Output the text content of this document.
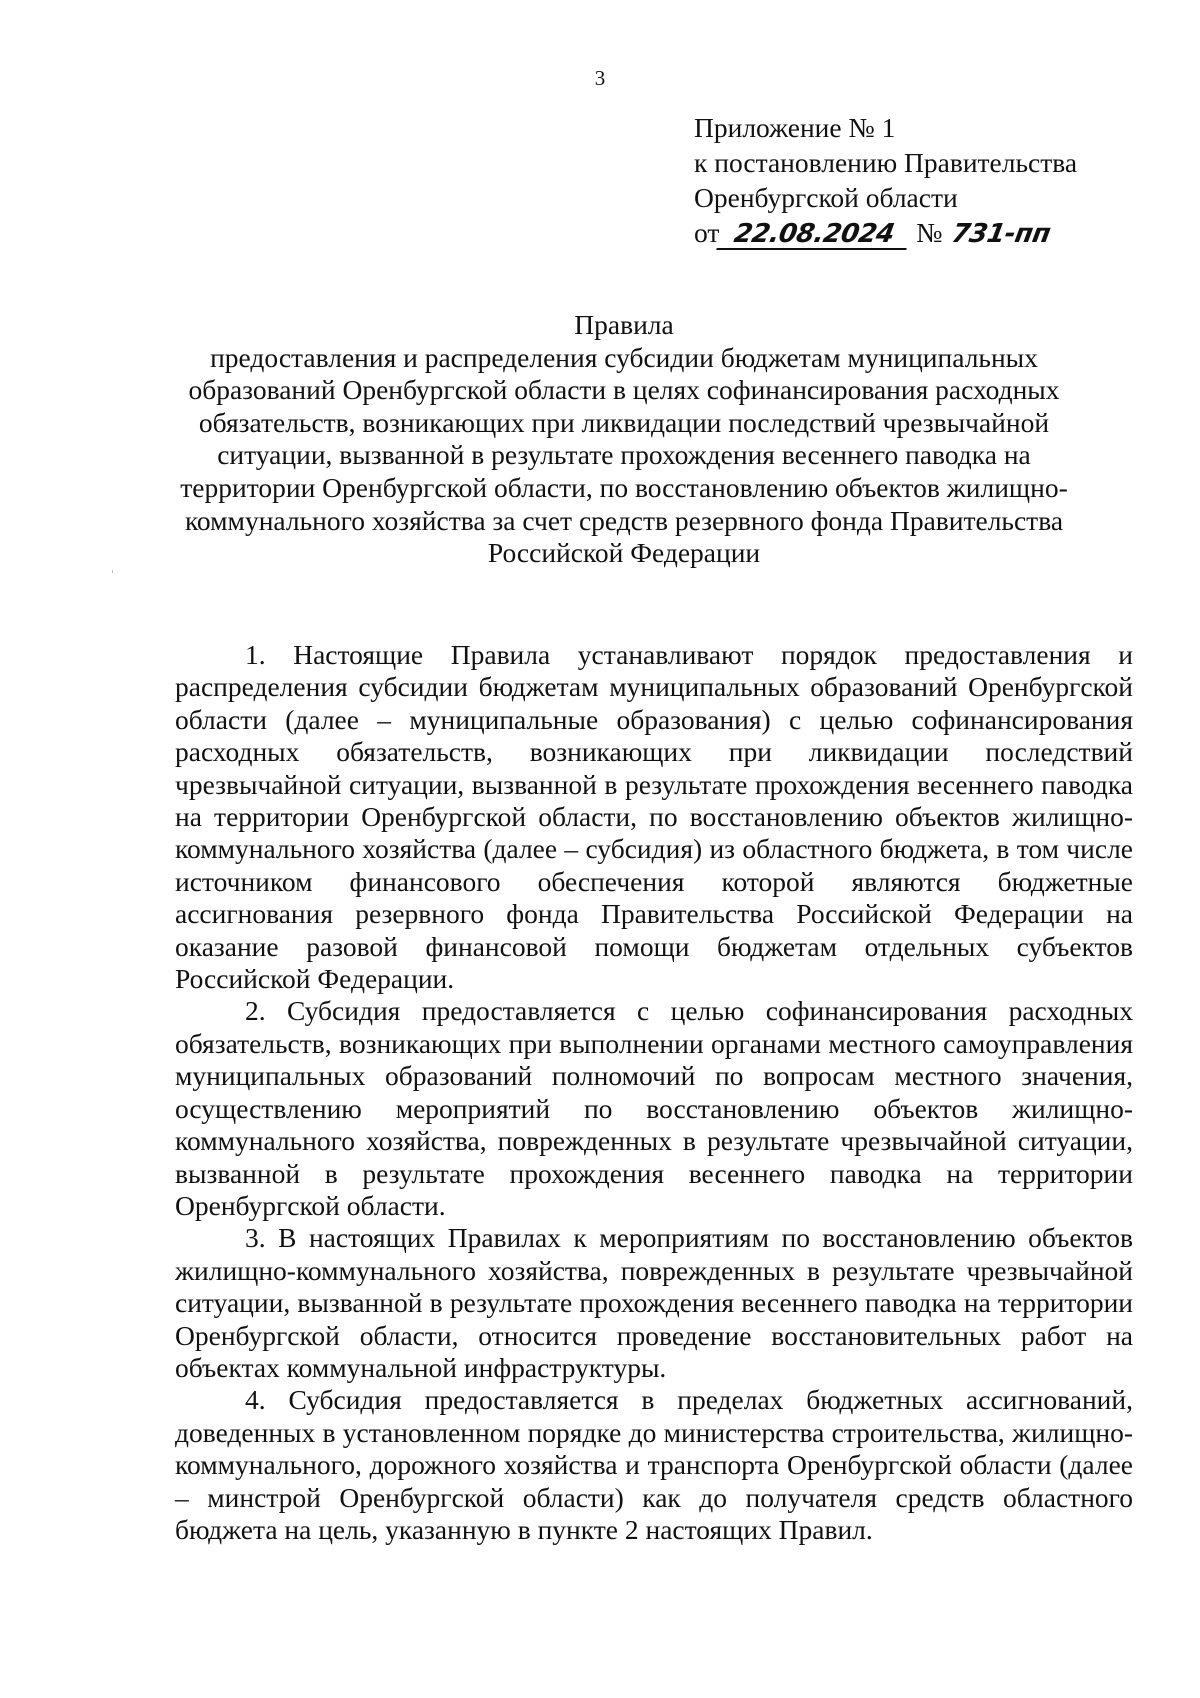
3
Приложение № 1
к постановлению Правительства
Оренбургской области
от 22.08.2024 № 731-пп
Правила
предоставления и распределения субсидии бюджетам муниципальных образований Оренбургской области в целях софинансирования расходных обязательств, возникающих при ликвидации последствий чрезвычайной ситуации, вызванной в результате прохождения весеннего паводка на территории Оренбургской области, по восстановлению объектов жилищно-коммунального хозяйства за счет средств резервного фонда Правительства Российской Федерации

1. Настоящие Правила устанавливают порядок предоставления и распределения субсидии бюджетам муниципальных образований Оренбургской области (далее – муниципальные образования) с целью софинансирования расходных обязательств, возникающих при ликвидации последствий чрезвычайной ситуации, вызванной в результате прохождения весеннего паводка на территории Оренбургской области, по восстановлению объектов жилищно-коммунального хозяйства (далее – субсидия) из областного бюджета, в том числе источником финансового обеспечения которой являются бюджетные ассигнования резервного фонда Правительства Российской Федерации на оказание разовой финансовой помощи бюджетам отдельных субъектов Российской Федерации.

2. Субсидия предоставляется с целью софинансирования расходных обязательств, возникающих при выполнении органами местного самоуправления муниципальных образований полномочий по вопросам местного значения, осуществлению мероприятий по восстановлению объектов жилищно-коммунального хозяйства, поврежденных в результате чрезвычайной ситуации, вызванной в результате прохождения весеннего паводка на территории Оренбургской области.

3. В настоящих Правилах к мероприятиям по восстановлению объектов жилищно-коммунального хозяйства, поврежденных в результате чрезвычайной ситуации, вызванной в результате прохождения весеннего паводка на территории Оренбургской области, относится проведение восстановительных работ на объектах коммунальной инфраструктуры.

4. Субсидия предоставляется в пределах бюджетных ассигнований, доведенных в установленном порядке до министерства строительства, жилищно-коммунального, дорожного хозяйства и транспорта Оренбургской области (далее – минстрой Оренбургской области) как до получателя средств областного бюджета на цель, указанную в пункте 2 настоящих Правил.
